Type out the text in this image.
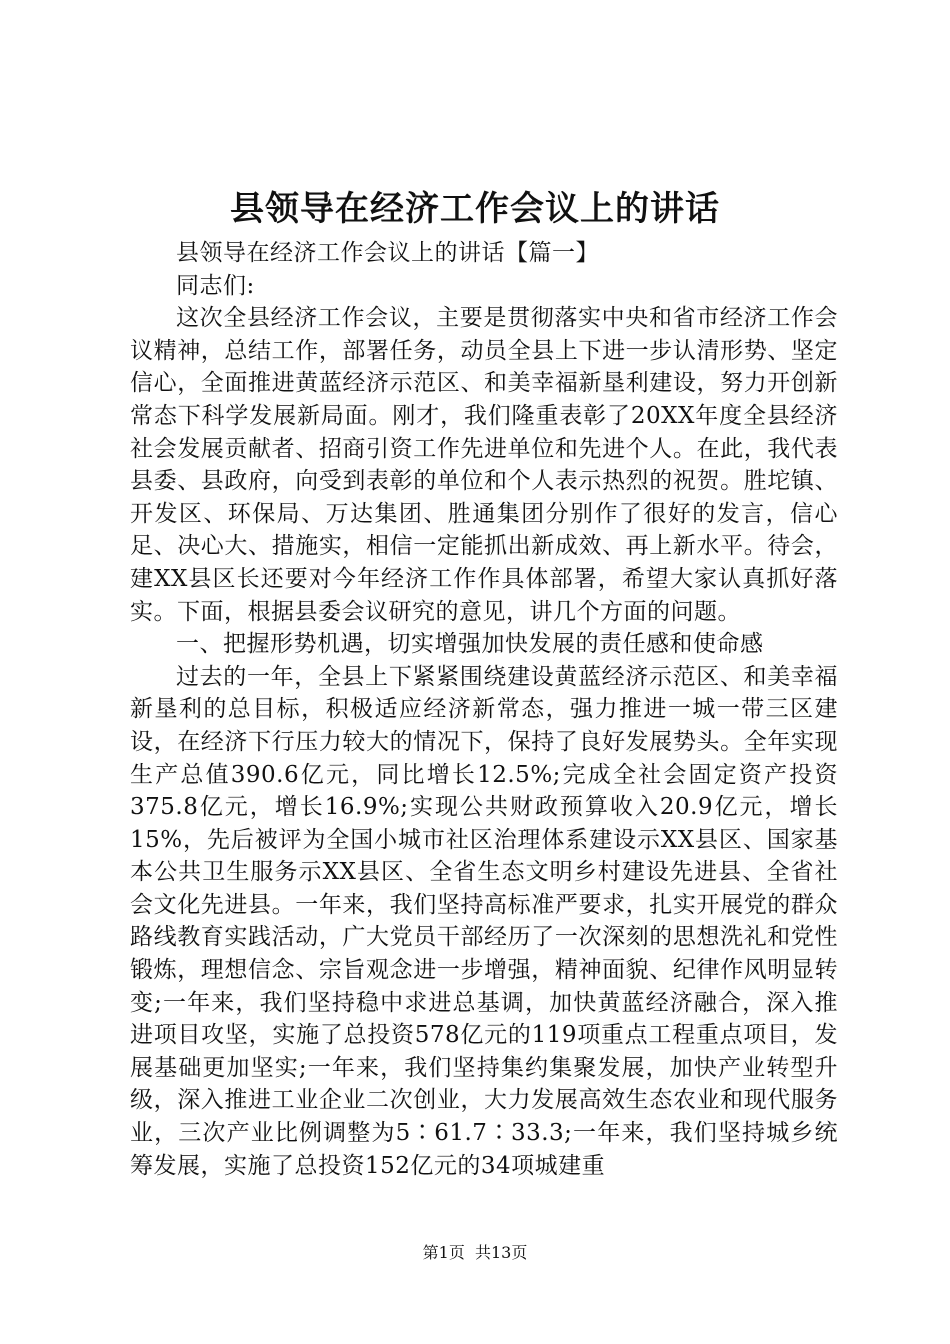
县领导在经济工作会议上的讲话

县领导在经济工作会议上的讲话【篇一】

同志们:

这次全县经济工作会议，主要是贯彻落实中央和省市经济工作会议精神，总结工作，部署任务，动员全县上下进一步认清形势、坚定信心，全面推进黄蓝经济示范区、和美幸福新垦利建设，努力开创新常态下科学发展新局面。刚才，我们隆重表彰了20XX年度全县经济社会发展贡献者、招商引资工作先进单位和先进个人。在此，我代表县委、县政府，向受到表彰的单位和个人表示热烈的祝贺。胜坨镇、开发区、环保局、万达集团、胜通集团分别作了很好的发言，信心足、决心大、措施实，相信一定能抓出新成效、再上新水平。待会，建XX县区长还要对今年经济工作作具体部署，希望大家认真抓好落实。下面，根据县委会议研究的意见，讲几个方面的问题。

一、把握形势机遇，切实增强加快发展的责任感和使命感

过去的一年，全县上下紧紧围绕建设黄蓝经济示范区、和美幸福新垦利的总目标，积极适应经济新常态，强力推进一城一带三区建设，在经济下行压力较大的情况下，保持了良好发展势头。全年实现生产总值390.6亿元，同比增长12.5%;完成全社会固定资产投资375.8亿元，增长16.9%;实现公共财政预算收入20.9亿元，增长15%，先后被评为全国小城市社区治理体系建设示XX县区、国家基本公共卫生服务示XX县区、全省生态文明乡村建设先进县、全省社会文化先进县。一年来，我们坚持高标准严要求，扎实开展党的群众路线教育实践活动，广大党员干部经历了一次深刻的思想洗礼和党性锻炼，理想信念、宗旨观念进一步增强，精神面貌、纪律作风明显转变;一年来，我们坚持稳中求进总基调，加快黄蓝经济融合，深入推进项目攻坚，实施了总投资578亿元的119项重点工程重点项目，发展基础更加坚实;一年来，我们坚持集约集聚发展，加快产业转型升级，深入推进工业企业二次创业，大力发展高效生态农业和现代服务业，三次产业比例调整为5∶61.7∶33.3;一年来，我们坚持城乡统筹发展，实施了总投资152亿元的34项城建重

第1页  共13页
